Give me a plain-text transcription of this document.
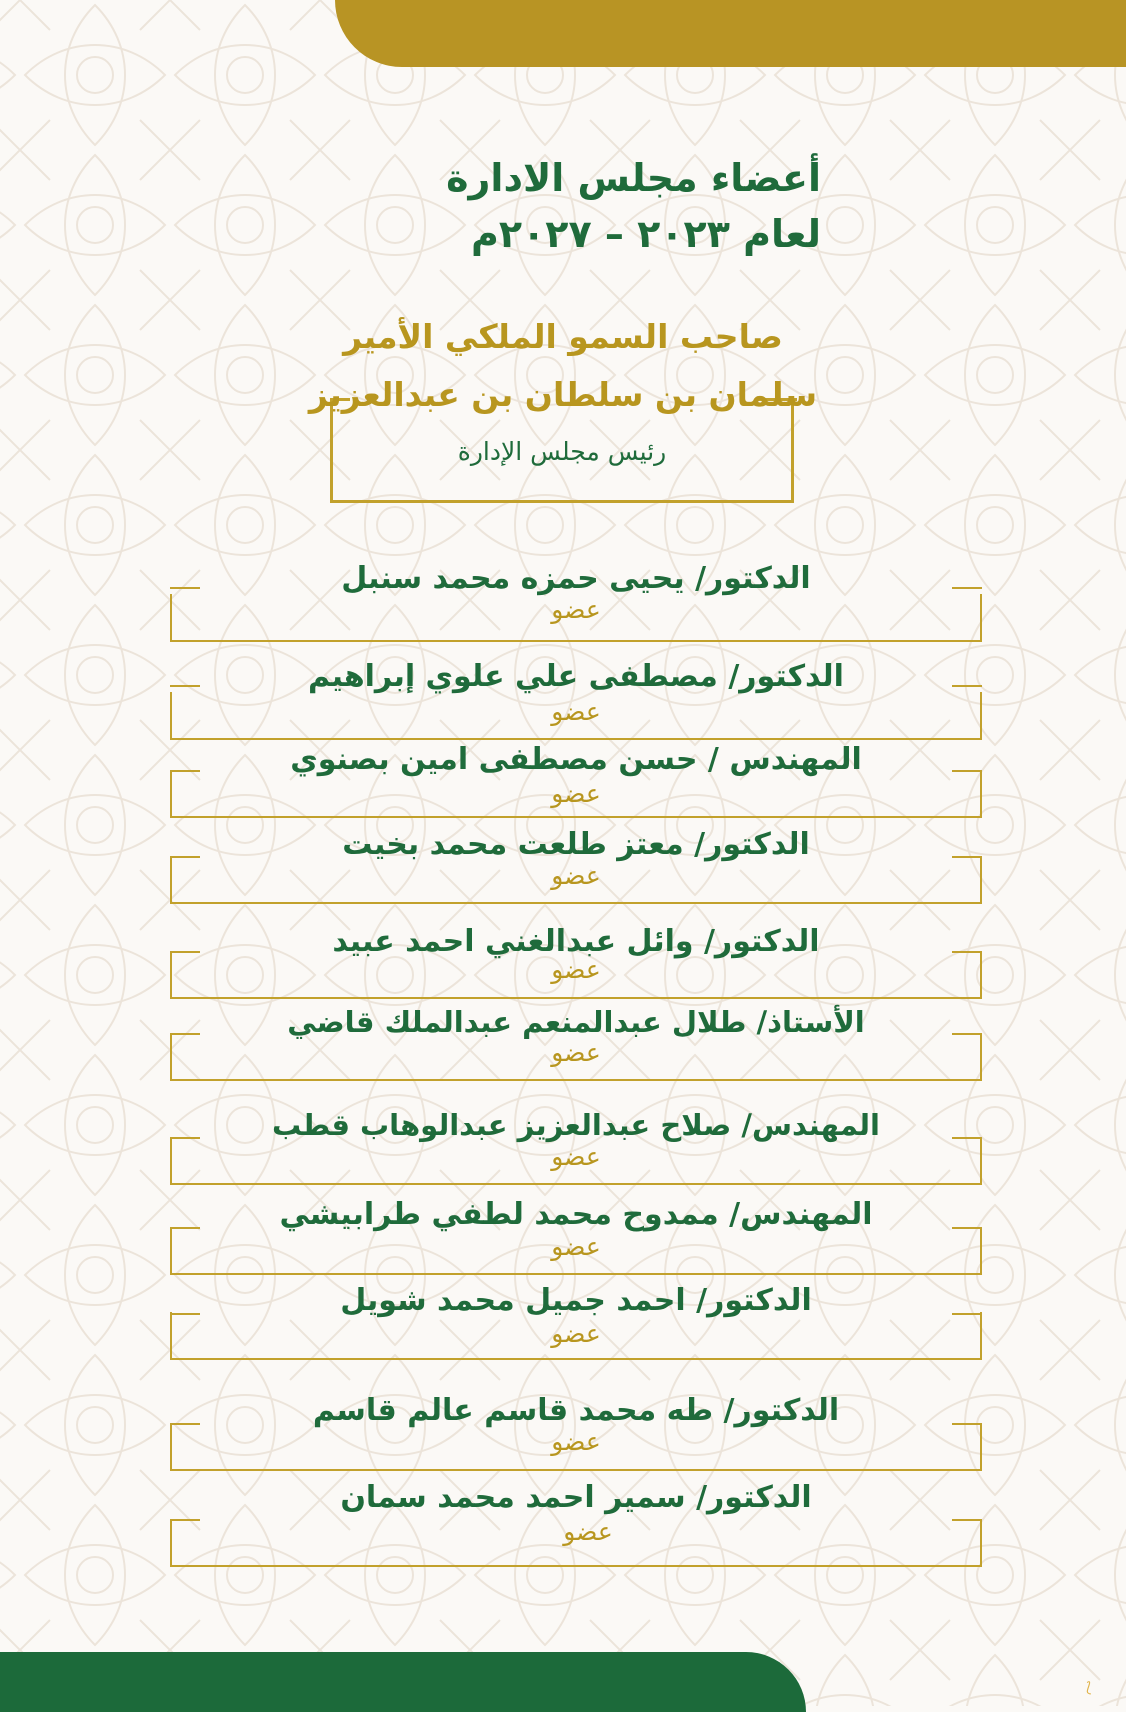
أعضاء مجلس الادارة
لعام ٢٠٢٣ – ٢٠٢٧م
صاحب السمو الملكي الأمير
سلمان بن سلطان بن عبدالعزيز
رئيس مجلس الإدارة
الدكتور/ يحيى حمزه محمد سنبل
عضو
الدكتور/ مصطفى علي علوي إبراهيم
عضو
المهندس / حسن مصطفى امين بصنوي
عضو
الدكتور/ معتز طلعت محمد بخيت
عضو
الدكتور/ وائل عبدالغني احمد عبيد
عضو
الأستاذ/ طلال عبدالمنعم عبدالملك قاضي
عضو
المهندس/ صلاح عبدالعزيز عبدالوهاب قطب
عضو
المهندس/ ممدوح محمد لطفي طرابيشي
عضو
الدكتور/ احمد جميل محمد شويل
عضو
الدكتور/ طه محمد قاسم عالم قاسم
عضو
الدكتور/ سمير احمد محمد سمان
عضو
⟆
